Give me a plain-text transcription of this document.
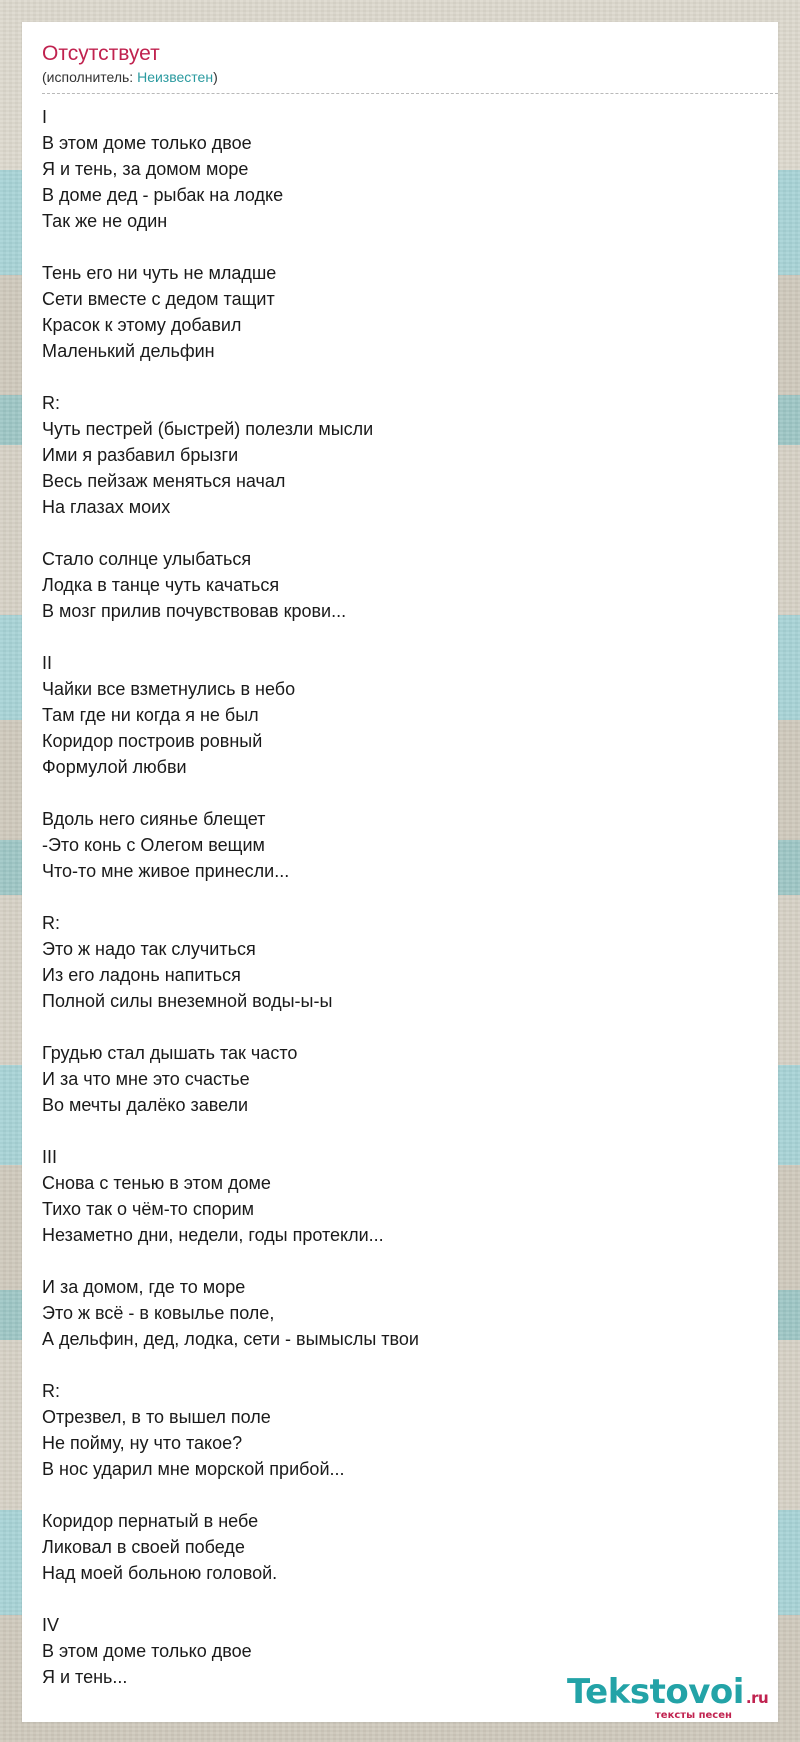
Отсутствует
(исполнитель: Неизвестен)
I
В этом доме только двое
Я и тень, за домом море
В доме дед - рыбак на лодке
Так же не один
Тень его ни чуть не младше
Сети вместе с дедом тащит
Красок к этому добавил
Маленький дельфин
R:
Чуть пестрей (быстрей) полезли мысли
Ими я разбавил брызги
Весь пейзаж меняться начал
На глазах моих
Стало солнце улыбаться
Лодка в танце чуть качаться
В мозг прилив почувствовав крови...
II
Чайки все взметнулись в небо
Там где ни когда я не был
Коридор построив ровный
Формулой любви
Вдоль него сиянье блещет
-Это конь с Олегом вещим
Что-то мне живое принесли...
R:
Это ж надо так случиться
Из его ладонь напиться
Полной силы внеземной воды-ы-ы
Грудью стал дышать так часто
И за что мне это счастье
Во мечты далёко завели
III
Снова с тенью в этом доме
Тихо так о чём-то спорим
Незаметно дни, недели, годы протекли...
И за домом, где то море
Это ж всё - в ковылье поле,
А дельфин, дед, лодка, сети - вымыслы твои
R:
Отрезвел, в то вышел поле
Не пойму, ну что такое?
В нос ударил мне морской прибой...
Коридор пернатый в небе
Ликовал в своей победе
Над моей больною головой.
IV
В этом доме только двое
Я и тень...	Tekstovoi .ru
тексты песен
